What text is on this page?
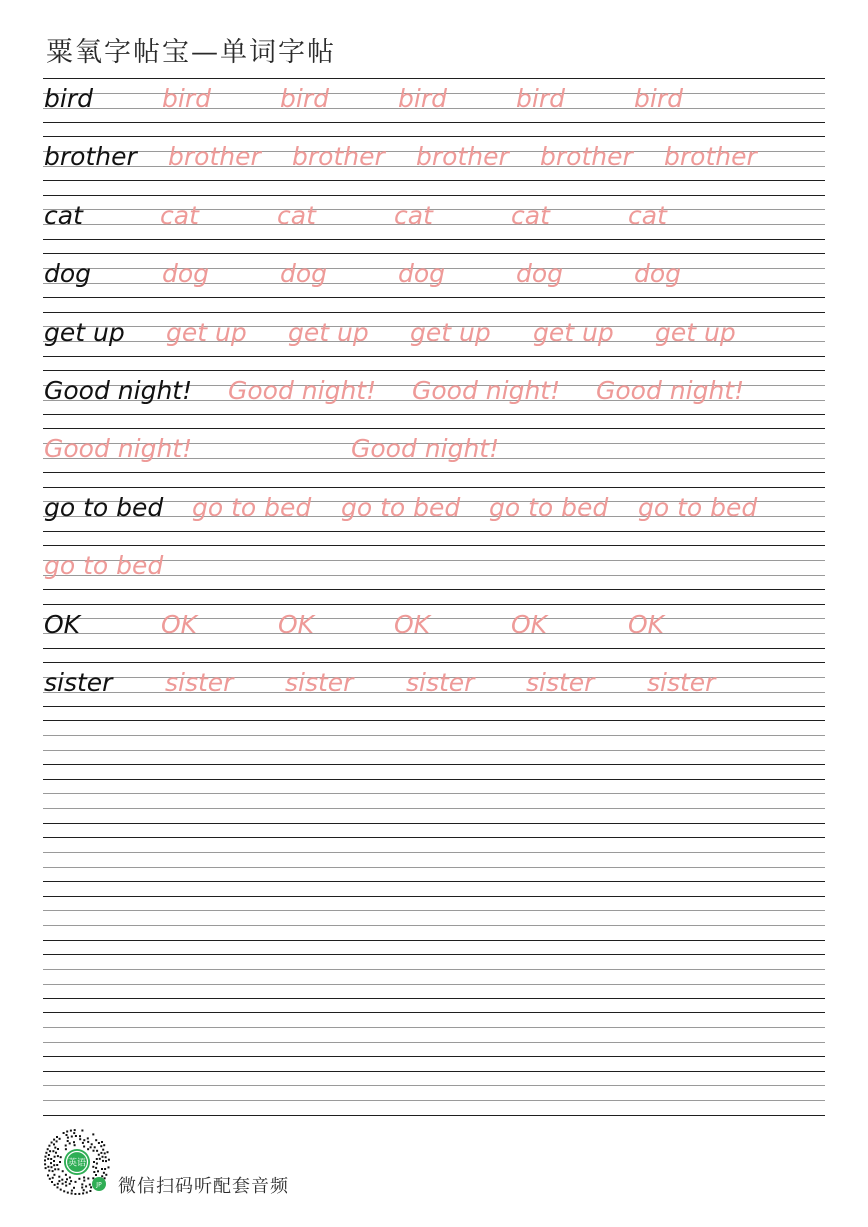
粟氧字帖宝—单词字帖
bird	bird	bird	bird	bird	bird
brother brother brother brother brother brother
cat	cat	cat	cat	cat	cat
dog	dog	dog	dog	dog	dog
get up get up get up get up get up get up
Good night! Good night! Good night! Good night!
Good night!	Good night!
go to bed go to bed go to bed go to bed go to bed
go to bed
OK	OK	OK	OK	OK	OK
sister sister sister sister sister sister
英语
JP 微信扫码听配套音频
